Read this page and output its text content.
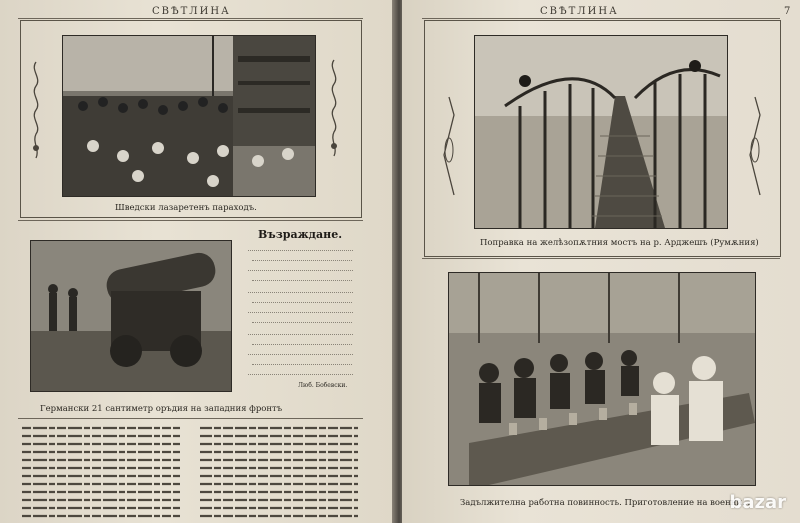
СВѢТЛИНА
Шведски лазаретенъ параходъ.
Германски 21 сантиметр оръдия на западния фронтъ
Възраждане.
Люб. Бобевски.
СВѢТЛИНА	7
Поправка на желѣзопѫтния мостъ на р. Арджешъ (Румѫния)
Задължителна работна повинность. Приготовление на военни...
bazar
